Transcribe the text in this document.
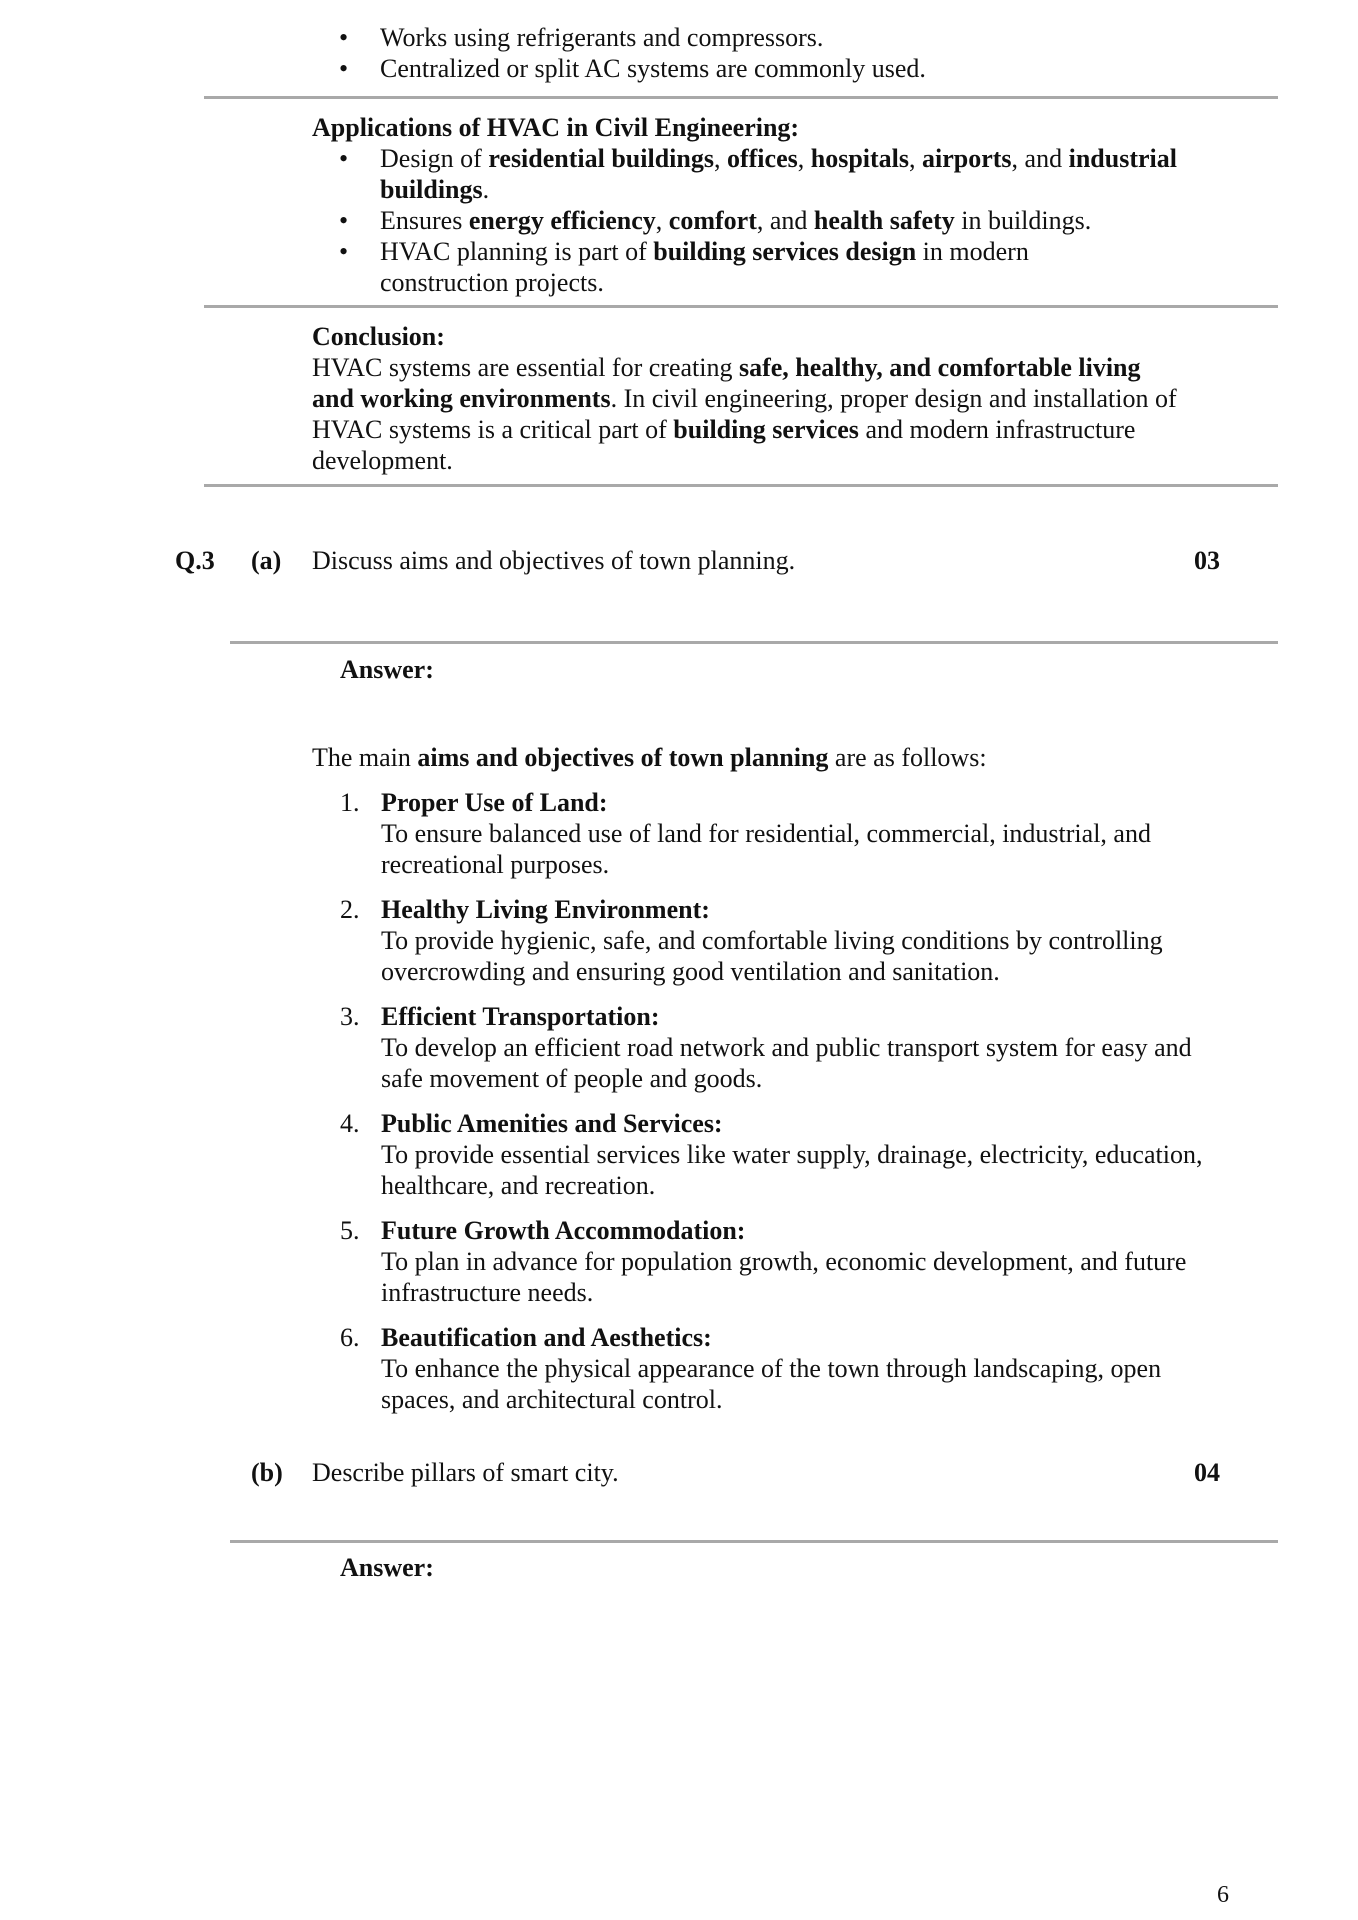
• Works using refrigerants and compressors.
• Centralized or split AC systems are commonly used.
Applications of HVAC in Civil Engineering:
• Design of residential buildings, offices, hospitals, airports, and industrial buildings.
• Ensures energy efficiency, comfort, and health safety in buildings.
• HVAC planning is part of building services design in modern construction projects.
Conclusion:
HVAC systems are essential for creating safe, healthy, and comfortable living and working environments. In civil engineering, proper design and installation of HVAC systems is a critical part of building services and modern infrastructure development.
Q.3 (a) Discuss aims and objectives of town planning.	03
Answer:
The main aims and objectives of town planning are as follows:
1. Proper Use of Land:
To ensure balanced use of land for residential, commercial, industrial, and recreational purposes.
2. Healthy Living Environment:
To provide hygienic, safe, and comfortable living conditions by controlling overcrowding and ensuring good ventilation and sanitation.
3. Efficient Transportation:
To develop an efficient road network and public transport system for easy and safe movement of people and goods.
4. Public Amenities and Services:
To provide essential services like water supply, drainage, electricity, education, healthcare, and recreation.
5. Future Growth Accommodation:
To plan in advance for population growth, economic development, and future infrastructure needs.
6. Beautification and Aesthetics:
To enhance the physical appearance of the town through landscaping, open spaces, and architectural control.
(b) Describe pillars of smart city.	04
Answer:
6
